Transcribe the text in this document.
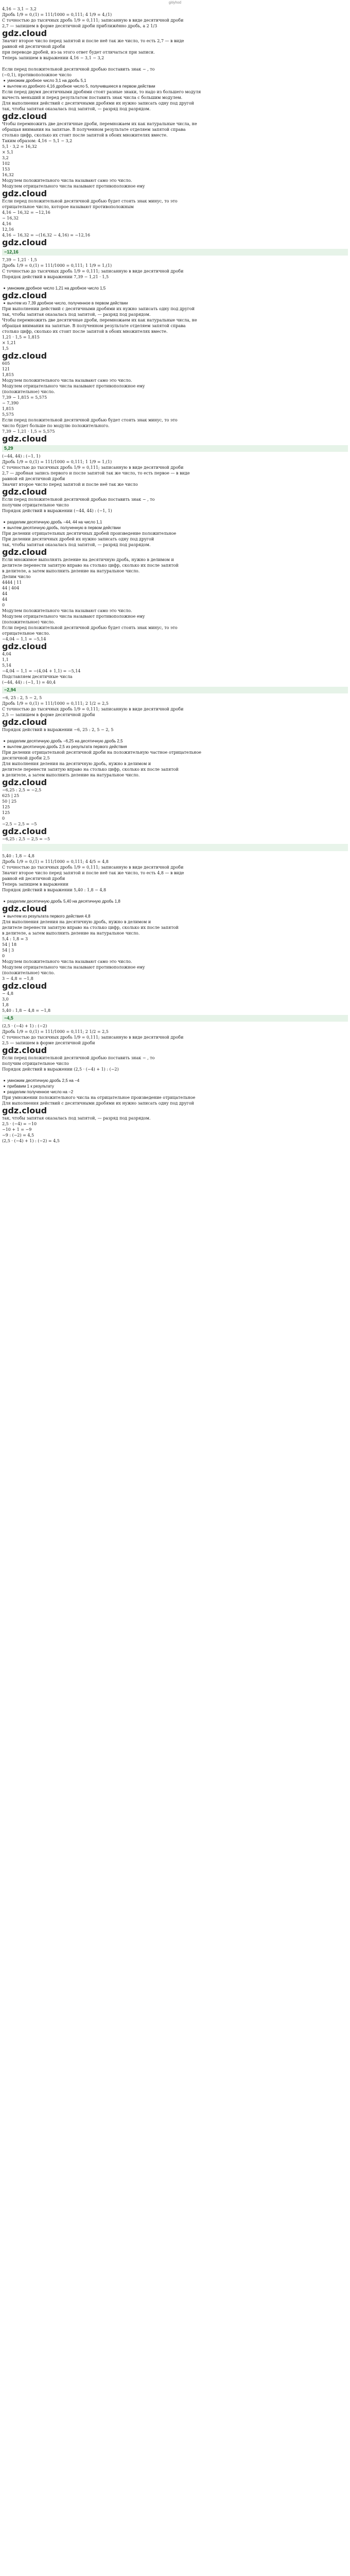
gitiyhod
4,16 − 3,1 − 3,2
Дробь 1/9 = 0,(1) = 111/1000 = 0,111; 4 1/9 = 4,(1)
С точностью до тысячных дробь 1/9 = 0,111; записанную в виде десятичной дроби
2,7 — запишем в форме десятичной дроби приближённо дробь, а 2 1/3
gdz.cloud
Значит второе число перед запятой и после неё так же число, то есть 2,7 — в виде
равной ей десятичной дроби
при переводе дробей, из-за этого ответ будет отличаться при записи.
Теперь запишем в выражении 4,16 − 3,1 − 3,2
Если перед положительной десятичной дробью поставить знак − , то
(−0,1), противоположное число
умножим дробное число 3,1 на дробь 5,1
вычтем из дробного 4,16 дробное число 5, получившееся в первом действии
Если перед двумя десятичными дробями стоят разные знаки, то надо из большего модуля
вычесть меньший и перед результатом поставить знак числа с большим модулем.
Для выполнения действий с десятичными дробями их нужно записать одну под другой
так, чтобы запятая оказалась под запятой, — разряд под разрядом.
gdz.cloud
Чтобы перемножить две десятичные дроби, перемножаем их как натуральные числа, не
обращая внимания на запятые. В полученном результате отделяем запятой справа
столько цифр, сколько их стоит после запятой в обоих множителях вместе.
Таким образом: 4,16 − 5,1 − 3,2
5,1 · 3,2 = 16,32
× 5,1
3,2
102
153
16,32
Модулем положительного числа называют само это число.
Модулем отрицательного числа называют противоположное ему
gdz.cloud
Если перед положительной десятичной дробью будет стоять знак минус, то это
отрицательное число, которое называют противоположным
4,16 − 16,32 = −12,16
− 16,32
4,16
12,16
4,16 − 16,32 = −(16,32 − 4,16) = −12,16
gdz.cloud
−12,16
7,39 − 1,21 · 1,5
Дробь 1/9 = 0,(1) = 111/1000 = 0,111; 1 1/9 = 1,(1)
С точностью до тысячных дробь 1/9 = 0,111; записанную в виде десятичной дроби
Порядок действий в выражении 7,39 − 1,21 · 1,5
умножим дробное число 1,21 на дробное число 1,5
gdz.cloud
вычтем из 7,39 дробное число, полученное в первом действии
При выполнении действий с десятичными дробями их нужно записать одну под другой
так, чтобы запятая оказалась под запятой, — разряд под разрядом.
Чтобы перемножить две десятичные дроби, перемножаем их как натуральные числа, не
обращая внимания на запятые. В полученном результате отделяем запятой справа
столько цифр, сколько их стоит после запятой в обоих множителях вместе.
1,21 · 1,5 = 1,815
× 1,21
1,5
gdz.cloud
605
121
1,815
Модулем положительного числа называют само это число.
Модулем отрицательного числа называют противоположное ему
(положительное) число.
7,39 − 1,815 = 5,575
− 7,390
1,815
5,575
Если перед положительной десятичной дробью будет стоять знак минус, то это
число будет больше по модулю положительного.
7,39 − 1,21 · 1,5 = 5,575
gdz.cloud
5,29
(−44, 44) : (−1, 1)
Дробь 1/9 = 0,(1) = 111/1000 = 0,111; 1 1/9 = 1,(1)
С точностью до тысячных дробь 1/9 = 0,111; записанную в виде десятичной дроби
2,7 — дробная запись первого и после запятой так же число, то есть первое — в виде
равной ей десятичной дроби
Значит второе число перед запятой и после неё так же число
gdz.cloud
Если перед положительной десятичной дробью поставить знак − , то
получим отрицательное число
Порядок действий в выражении (−44, 44) : (−1, 1)
разделим десятичную дробь −44, 44 на число 1,1
вычтем десятичную дробь, полученную в первом действии
При делении отрицательных десятичных дробей произведение положительное
При делении десятичных дробей их нужно записать одну под другой
так, чтобы запятая оказалась под запятой, — разряд под разрядом.
gdz.cloud
Если множимое выполнять деление на десятичную дробь, нужно в делимом и
делителе перенести запятую вправо на столько цифр, сколько их после запятой
в делителе, а затем выполнить деление на натуральное число.
Делим число
4444 | 11
44 | 404
44
44
0
Модулем положительного числа называют само это число.
Модулем отрицательного числа называют противоположное ему
(положительное) число.
Если перед положительной десятичной дробью будет стоять знак минус, то это
отрицательное число.
−4,04 − 1,1 = −5,14
gdz.cloud
4,04
1,1
5,14
−4,04 − 1,1 = −(4,04 + 1,1) = −5,14
Подставляем десятичные числа
(−44, 44) : (−1, 1) = 40,4
−2,94
−6, 25 : 2, 5 − 2, 5
Дробь 1/9 = 0,(1) = 111/1000 = 0,111; 2 1/2 = 2,5
С точностью до тысячных дробь 1/9 = 0,111; записанную в виде десятичной дроби
2,5 — запишем в форме десятичной дроби
gdz.cloud
Порядок действий в выражении −6, 25 : 2, 5 − 2, 5
разделим десятичную дробь −6,25 на десятичную дробь 2,5
вычтем десятичную дробь 2,5 из результата первого действия
При делении отрицательной десятичной дроби на положительную частное отрицательное
десятичной дроби 2,5
Для выполнения деления на десятичную дробь, нужно в делимом и
делителе перенести запятую вправо на столько цифр, сколько их после запятой
в делителе, а затем выполнить деление на натуральное число.
gdz.cloud
−6,25 : 2,5 = −2,5
625 | 25
50 | 25
125
125
0
−2,5 − 2,5 = −5
gdz.cloud
−6,25 : 2,5 − 2,5 = −5
5,40 : 1,8 − 4,8
Дробь 1/9 = 0,(1) = 111/1000 = 0,111; 4 4/5 = 4,8
С точностью до тысячных дробь 1/9 = 0,111; записанную в виде десятичной дроби
Значит второе число перед запятой и после неё так же число, то есть 4,8 — в виде
равной ей десятичной дроби
Теперь запишем в выражении
Порядок действий в выражении 5,40 : 1,8 − 4,8
разделим десятичную дробь 5,40 на десятичную дробь 1,8
gdz.cloud
вычтем из результата первого действия 4,8
Для выполнения деления на десятичную дробь, нужно в делимом и
делителе перенести запятую вправо на столько цифр, сколько их после запятой
в делителе, а затем выполнить деление на натуральное число.
5,4 : 1,8 = 3
54 | 18
54 | 3
0
Модулем положительного числа называют само это число.
Модулем отрицательного числа называют противоположное ему
(положительное) число.
3 − 4,8 = −1,8
gdz.cloud
− 4,8
3,0
1,8
5,40 : 1,8 − 4,8 = −1,8
−4,5
(2,5 · (−4) + 1) : (−2)
Дробь 1/9 = 0,(1) = 111/1000 = 0,111; 2 1/2 = 2,5
С точностью до тысячных дробь 1/9 = 0,111; записанную в виде десятичной дроби
2,5 — запишем в форме десятичной дроби
gdz.cloud
Если перед положительной десятичной дробью поставить знак − , то
получим отрицательное число
Порядок действий в выражении (2,5 · (−4) + 1) : (−2)
умножим десятичную дробь 2,5 на −4
прибавим 1 к результату
разделим полученное число на −2
При умножении положительного числа на отрицательное произведение отрицательное
Для выполнения действий с десятичными дробями их нужно записать одну под другой
gdz.cloud
так, чтобы запятая оказалась под запятой, — разряд под разрядом.
2,5 · (−4) = −10
−10 + 1 = −9
−9 : (−2) = 4,5
(2,5 · (−4) + 1) : (−2) = 4,5
